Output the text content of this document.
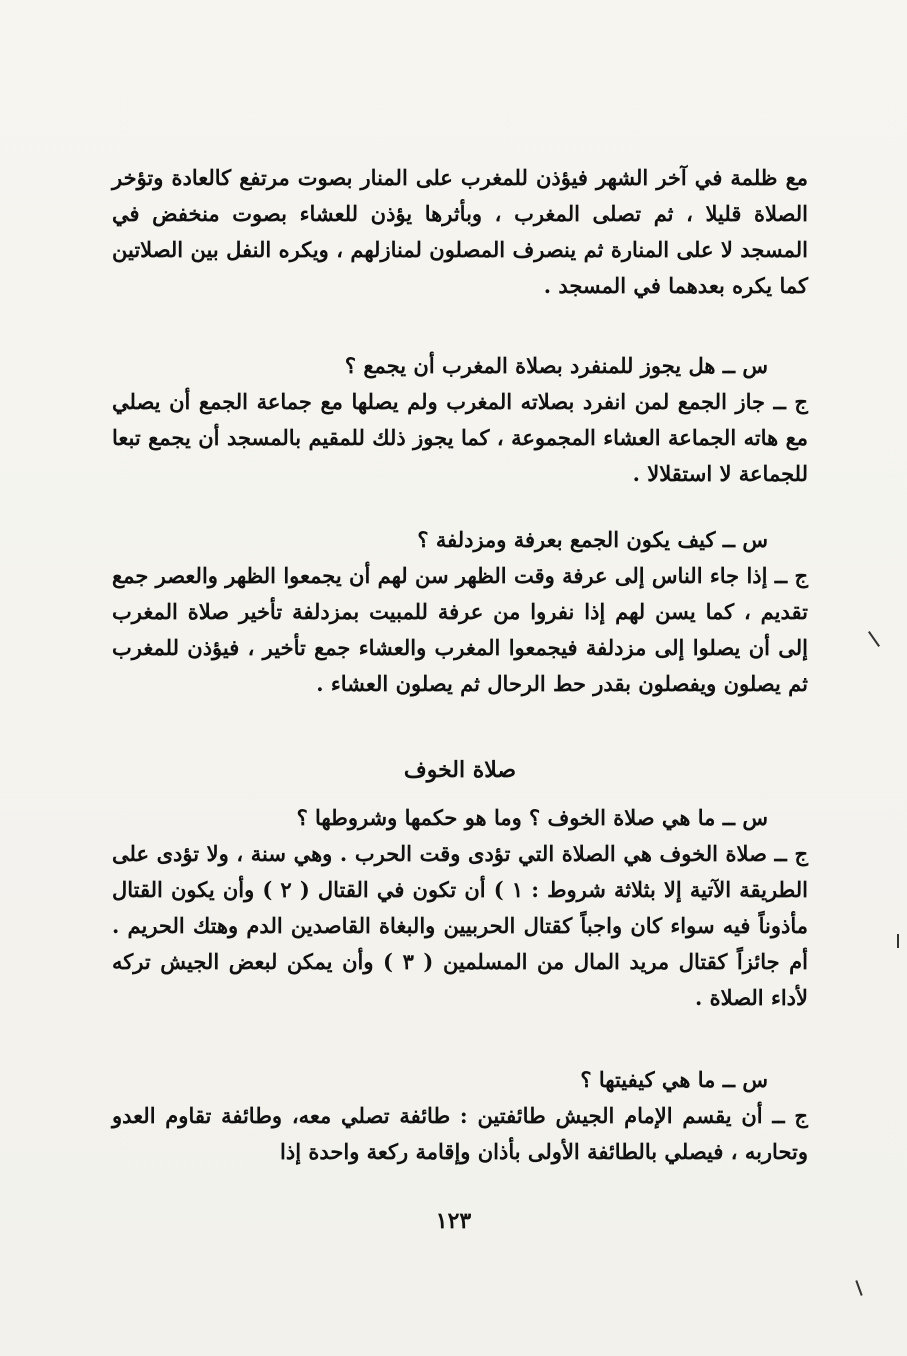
مع ظلمة في آخر الشهر فيؤذن للمغرب على المنار بصوت مرتفع كالعادة وتؤخر الصلاة قليلا ، ثم تصلى المغرب ، وبأثرها يؤذن للعشاء بصوت منخفض في المسجد لا على المنارة ثم ينصرف المصلون لمنازلهم ، ويكره النفل بين الصلاتين كما يكره بعدهما في المسجد .

س ــ هل يجوز للمنفرد بصلاة المغرب أن يجمع ؟

ج ــ جاز الجمع لمن انفرد بصلاته المغرب ولم يصلها مع جماعة الجمع أن يصلي مع هاته الجماعة العشاء المجموعة ، كما يجوز ذلك للمقيم بالمسجد أن يجمع تبعا للجماعة لا استقلالا .

س ــ كيف يكون الجمع بعرفة ومزدلفة ؟

ج ــ إذا جاء الناس إلى عرفة وقت الظهر سن لهم أن يجمعوا الظهر والعصر جمع تقديم ، كما يسن لهم إذا نفروا من عرفة للمبيت بمزدلفة تأخير صلاة المغرب إلى أن يصلوا إلى مزدلفة فيجمعوا المغرب والعشاء جمع تأخير ، فيؤذن للمغرب ثم يصلون ويفصلون بقدر حط الرحال ثم يصلون العشاء .

صلاة الخوف

س ــ ما هي صلاة الخوف ؟ وما هو حكمها وشروطها ؟

ج ــ صلاة الخوف هي الصلاة التي تؤدى وقت الحرب . وهي سنة ، ولا تؤدى على الطريقة الآتية إلا بثلاثة شروط : ١ ) أن تكون في القتال ( ٢ ) وأن يكون القتال مأذوناً فيه سواء كان واجباً كقتال الحربيين والبغاة القاصدين الدم وهتك الحريم . أم جائزاً كقتال مريد المال من المسلمين ( ٣ ) وأن يمكن لبعض الجيش تركه لأداء الصلاة .

س ــ ما هي كيفيتها ؟

ج ــ أن يقسم الإمام الجيش طائفتين : طائفة تصلي معه، وطائفة تقاوم العدو وتحاربه ، فيصلي بالطائفة الأولى بأذان وإقامة ركعة واحدة إذا

١٢٣
